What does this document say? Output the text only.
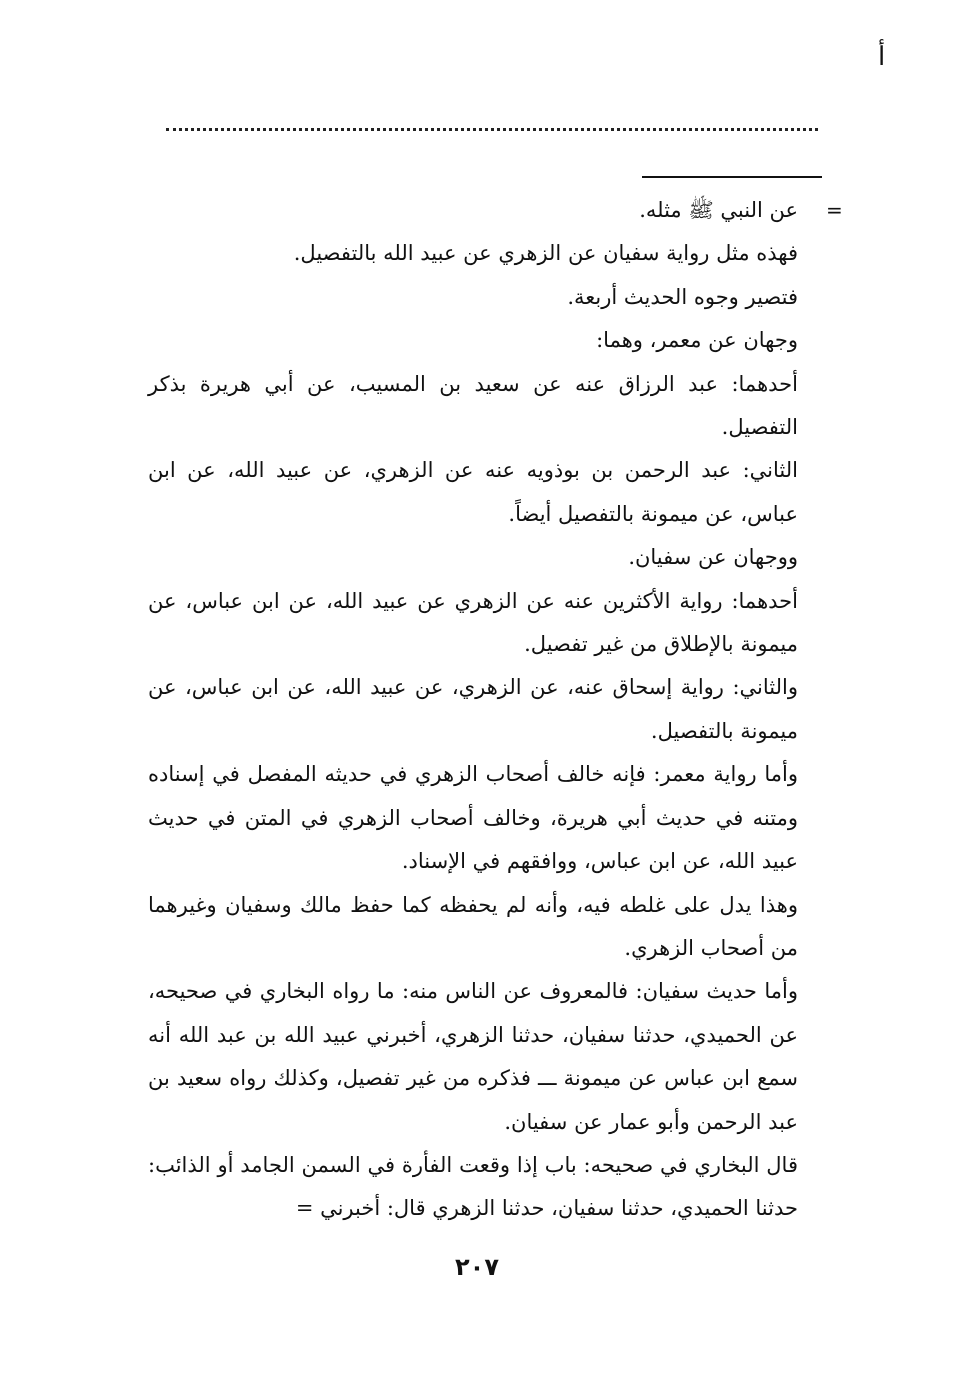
أ
=

عن النبي ﷺ مثله.

فهذه مثل رواية سفيان عن الزهري عن عبيد الله بالتفصيل.

فتصير وجوه الحديث أربعة.

وجهان عن معمر، وهما:

أحدهما: عبد الرزاق عنه عن سعيد بن المسيب، عن أبي هريرة بذكر التفصيل.

الثاني: عبد الرحمن بن بوذويه عنه عن الزهري، عن عبيد الله، عن ابن عباس، عن ميمونة بالتفصيل أيضاً.

ووجهان عن سفيان.

أحدهما: رواية الأكثرين عنه عن الزهري عن عبيد الله، عن ابن عباس، عن ميمونة بالإطلاق من غير تفصيل.

والثاني: رواية إسحاق عنه، عن الزهري، عن عبيد الله، عن ابن عباس، عن ميمونة بالتفصيل.

وأما رواية معمر: فإنه خالف أصحاب الزهري في حديثه المفصل في إسناده ومتنه في حديث أبي هريرة، وخالف أصحاب الزهري في المتن في حديث عبيد الله، عن ابن عباس، ووافقهم في الإسناد.

وهذا يدل على غلطه فيه، وأنه لم يحفظه كما حفظ مالك وسفيان وغيرهما من أصحاب الزهري.

وأما حديث سفيان: فالمعروف عن الناس منه: ما رواه البخاري في صحيحه، عن الحميدي، حدثنا سفيان، حدثنا الزهري، أخبرني عبيد الله بن عبد الله أنه سمع ابن عباس عن ميمونة ـــ فذكره من غير تفصيل، وكذلك رواه سعيد بن عبد الرحمن وأبو عمار عن سفيان.

قال البخاري في صحيحه: باب إذا وقعت الفأرة في السمن الجامد أو الذائب: حدثنا الحميدي، حدثنا سفيان، حدثنا الزهري قال: أخبرني =

٢٠٧
